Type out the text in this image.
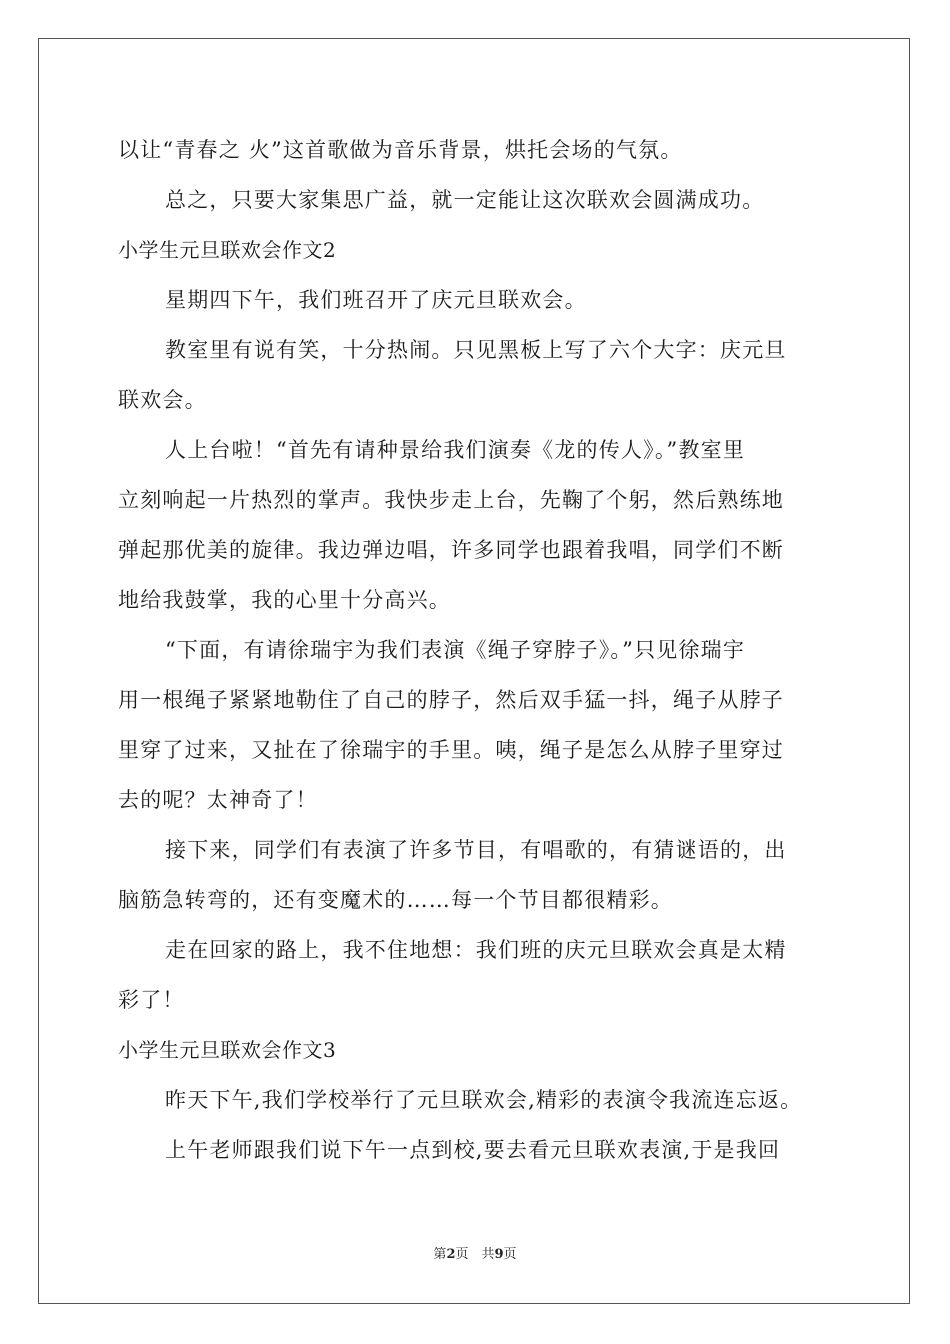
以让“青春之 火”这首歌做为音乐背景，烘托会场的气氛。
总之，只要大家集思广益，就一定能让这次联欢会圆满成功。
小学生元旦联欢会作文2
星期四下午，我们班召开了庆元旦联欢会。
教室里有说有笑，十分热闹。只见黑板上写了六个大字：庆元旦
联欢会。
人上台啦！“首先有请种景给我们演奏《龙的传人》。”教室里
立刻响起一片热烈的掌声。我快步走上台，先鞠了个躬，然后熟练地
弹起那优美的旋律。我边弹边唱，许多同学也跟着我唱，同学们不断
地给我鼓掌，我的心里十分高兴。
“下面，有请徐瑞宇为我们表演《绳子穿脖子》。”只见徐瑞宇
用一根绳子紧紧地勒住了自己的脖子，然后双手猛一抖，绳子从脖子
里穿了过来，又扯在了徐瑞宇的手里。咦，绳子是怎么从脖子里穿过
去的呢？太神奇了！
接下来，同学们有表演了许多节目，有唱歌的，有猜谜语的，出
脑筋急转弯的，还有变魔术的……每一个节目都很精彩。
走在回家的路上，我不住地想：我们班的庆元旦联欢会真是太精
彩了！
小学生元旦联欢会作文3
昨天下午,我们学校举行了元旦联欢会,精彩的表演令我流连忘返。
上午老师跟我们说下午一点到校,要去看元旦联欢表演,于是我回
第2页　共9页
